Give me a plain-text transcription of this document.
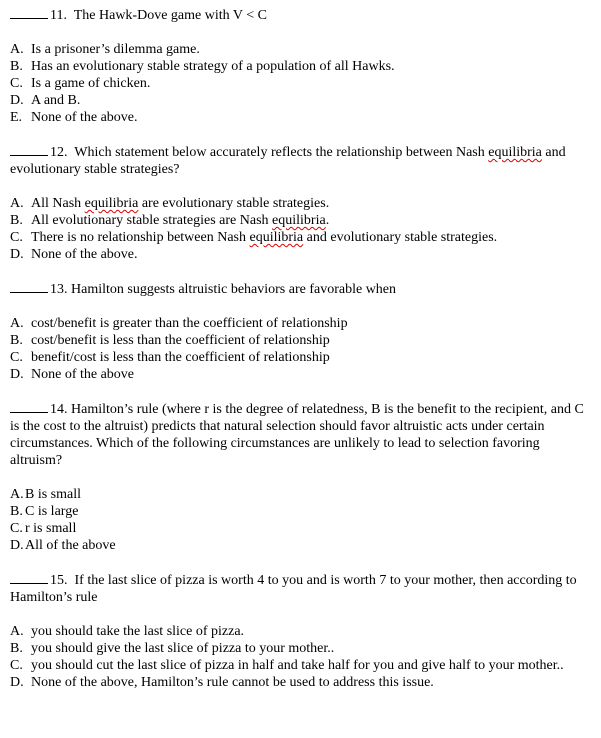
11. The Hawk-Dove game with V < C

A. Is a prisoner’s dilemma game.
B. Has an evolutionary stable strategy of a population of all Hawks.
C. Is a game of chicken.
D. A and B.
E. None of the above.

12. Which statement below accurately reflects the relationship between Nash equilibria and evolutionary stable strategies?

A. All Nash equilibria are evolutionary stable strategies.
B. All evolutionary stable strategies are Nash equilibria.
C. There is no relationship between Nash equilibria and evolutionary stable strategies.
D. None of the above.

13. Hamilton suggests altruistic behaviors are favorable when

A. cost/benefit is greater than the coefficient of relationship
B. cost/benefit is less than the coefficient of relationship
C. benefit/cost is less than the coefficient of relationship
D. None of the above

14. Hamilton’s rule (where r is the degree of relatedness, B is the benefit to the recipient, and C is the cost to the altruist) predicts that natural selection should favor altruistic acts under certain circumstances. Which of the following circumstances are unlikely to lead to selection favoring altruism?

A.B is small
B. C is large
C. r is small
D.All of the above

15. If the last slice of pizza is worth 4 to you and is worth 7 to your mother, then according to Hamilton’s rule

A. you should take the last slice of pizza.
B. you should give the last slice of pizza to your mother..
C. you should cut the last slice of pizza in half and take half for you and give half to your mother..
D. None of the above, Hamilton’s rule cannot be used to address this issue.
